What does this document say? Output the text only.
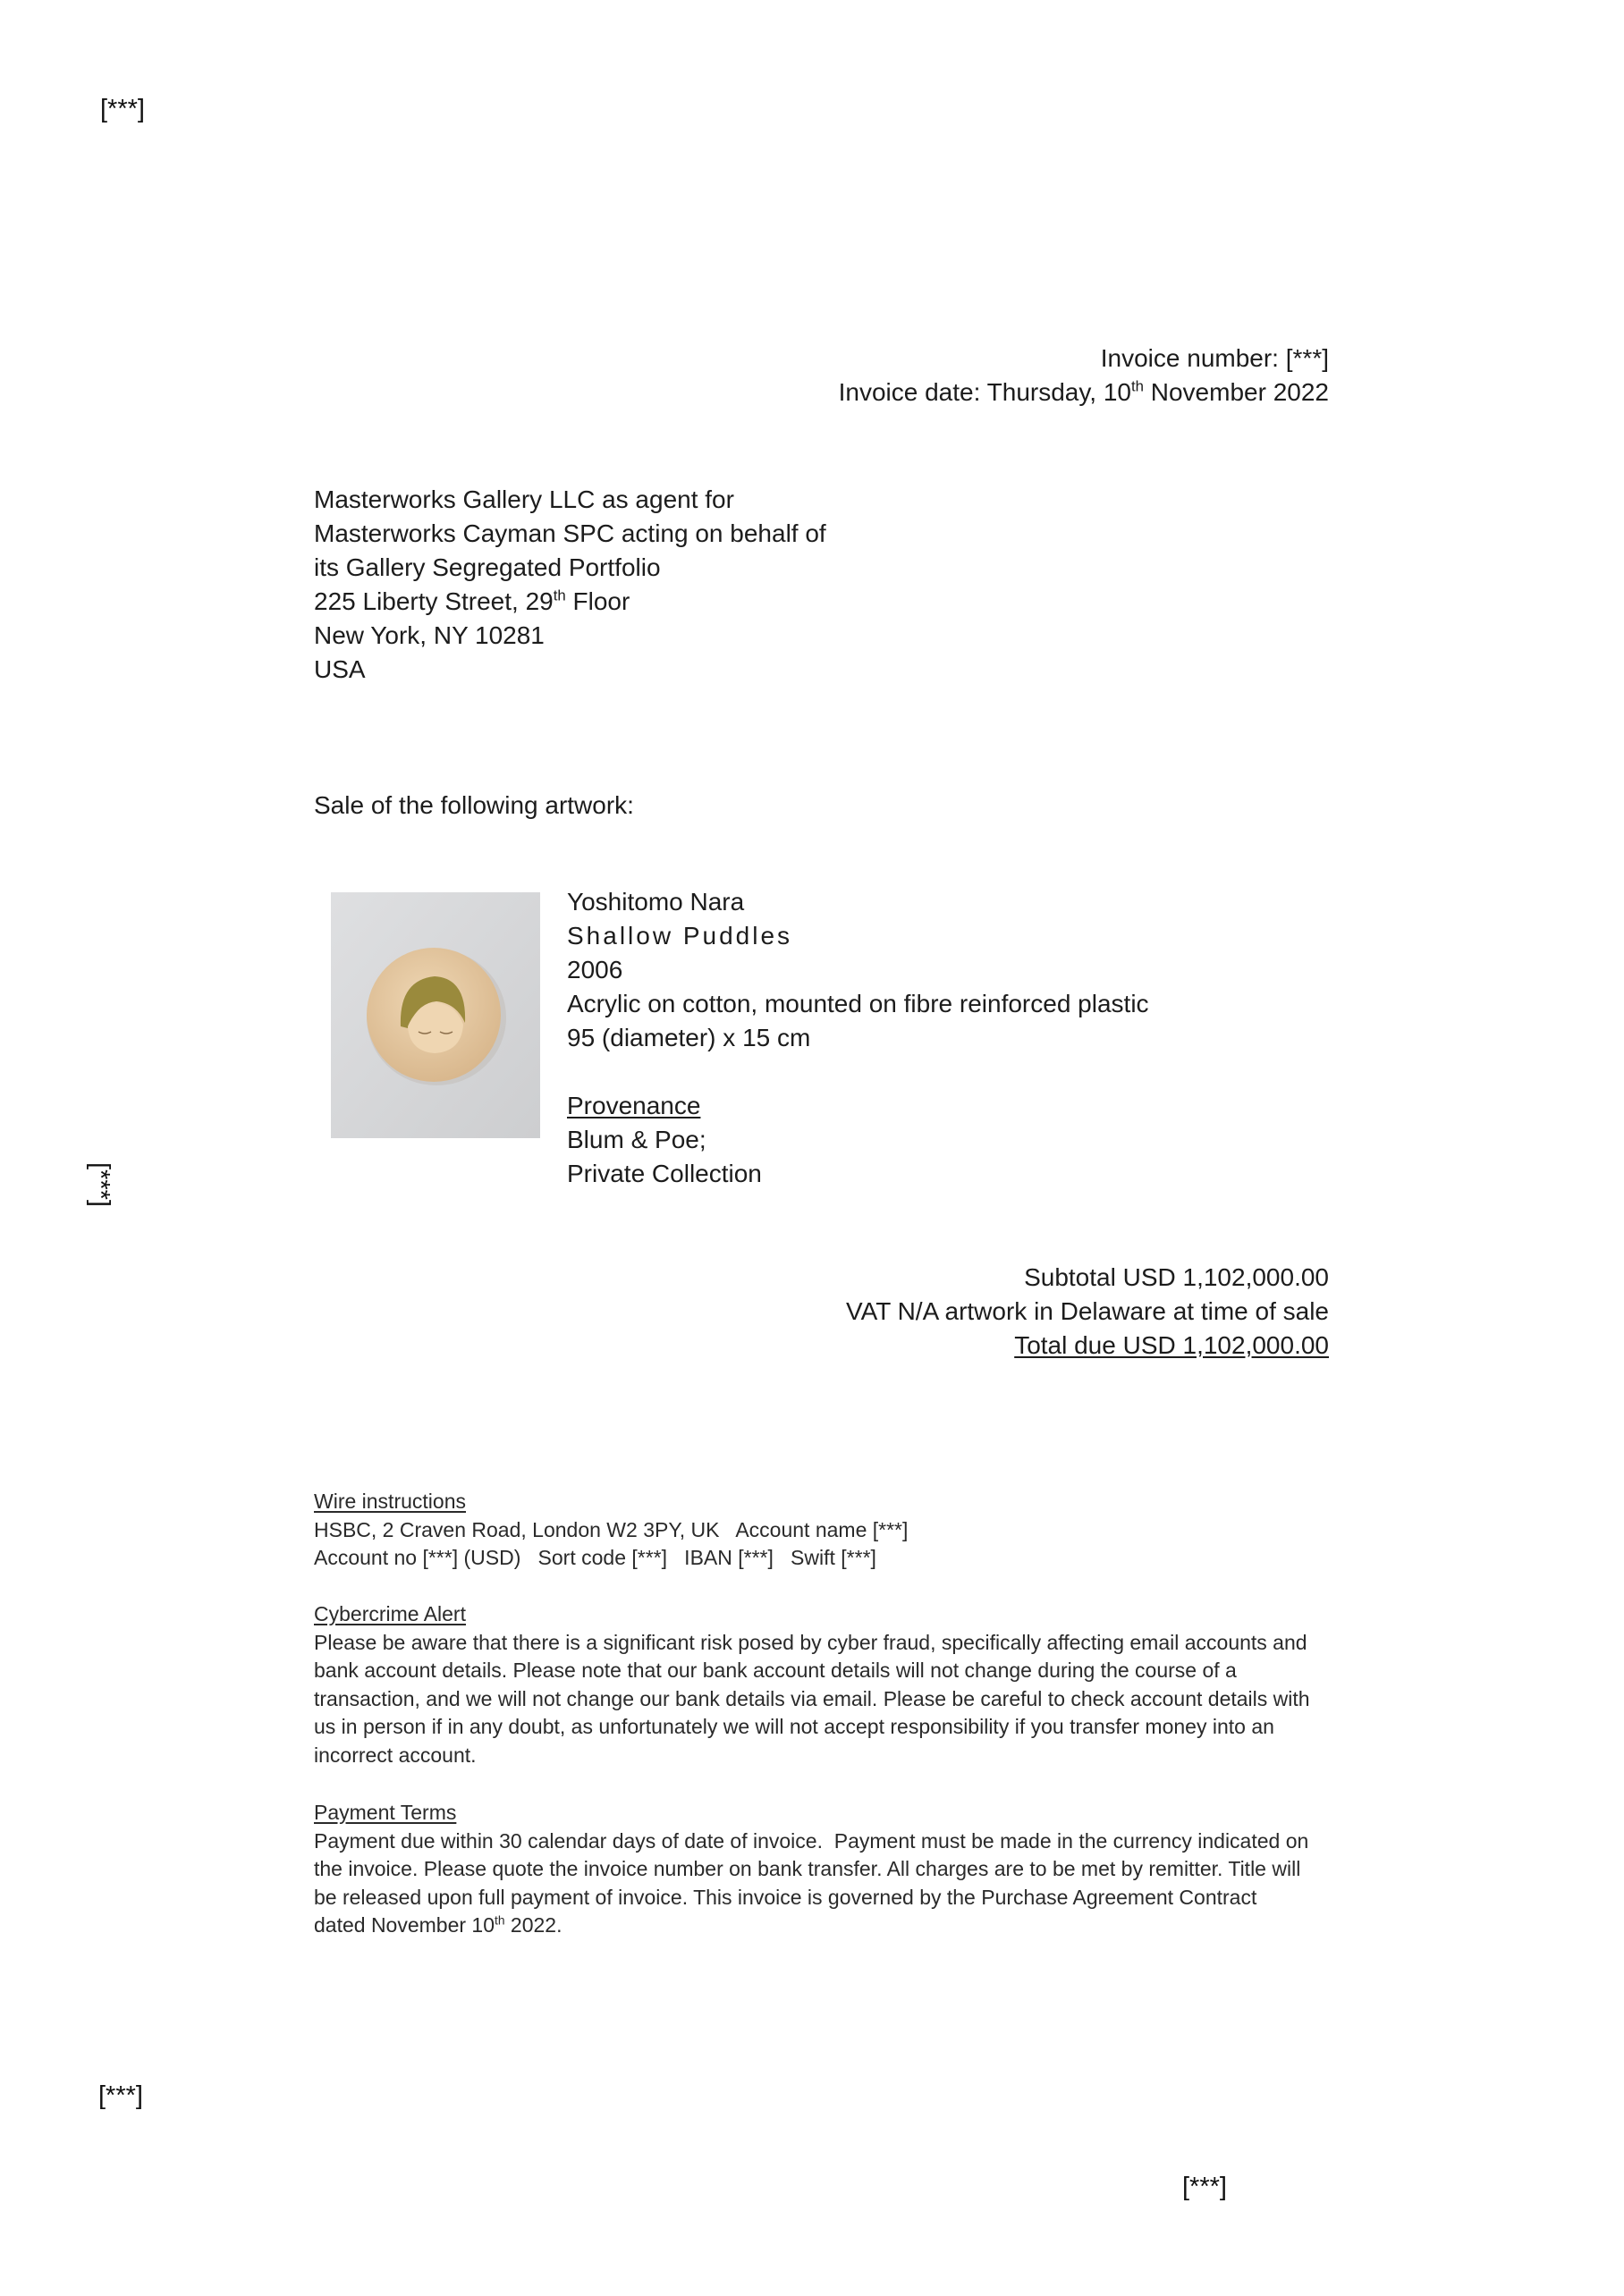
[***]
[***]
[***]
[***]
Invoice number: [***]
Invoice date: Thursday, 10th November 2022
Masterworks Gallery LLC as agent for
Masterworks Cayman SPC acting on behalf of
its Gallery Segregated Portfolio
225 Liberty Street, 29th Floor
New York, NY 10281
USA
Sale of the following artwork:
Yoshitomo Nara
Shallow Puddles
2006
Acrylic on cotton, mounted on fibre reinforced plastic
95 (diameter) x 15 cm
Provenance
Blum & Poe;
Private Collection
Subtotal USD 1,102,000.00
VAT N/A artwork in Delaware at time of sale
Total due USD 1,102,000.00
Wire instructions
HSBC, 2 Craven Road, London W2 3PY, UK   Account name [***]
Account no [***] (USD)   Sort code [***]   IBAN [***]   Swift [***]
Cybercrime Alert
Please be aware that there is a significant risk posed by cyber fraud, specifically affecting email accounts and
bank account details. Please note that our bank account details will not change during the course of a
transaction, and we will not change our bank details via email. Please be careful to check account details with
us in person if in any doubt, as unfortunately we will not accept responsibility if you transfer money into an
incorrect account.
Payment Terms
Payment due within 30 calendar days of date of invoice.  Payment must be made in the currency indicated on
the invoice. Please quote the invoice number on bank transfer. All charges are to be met by remitter. Title will
be released upon full payment of invoice. This invoice is governed by the Purchase Agreement Contract
dated November 10th 2022.
